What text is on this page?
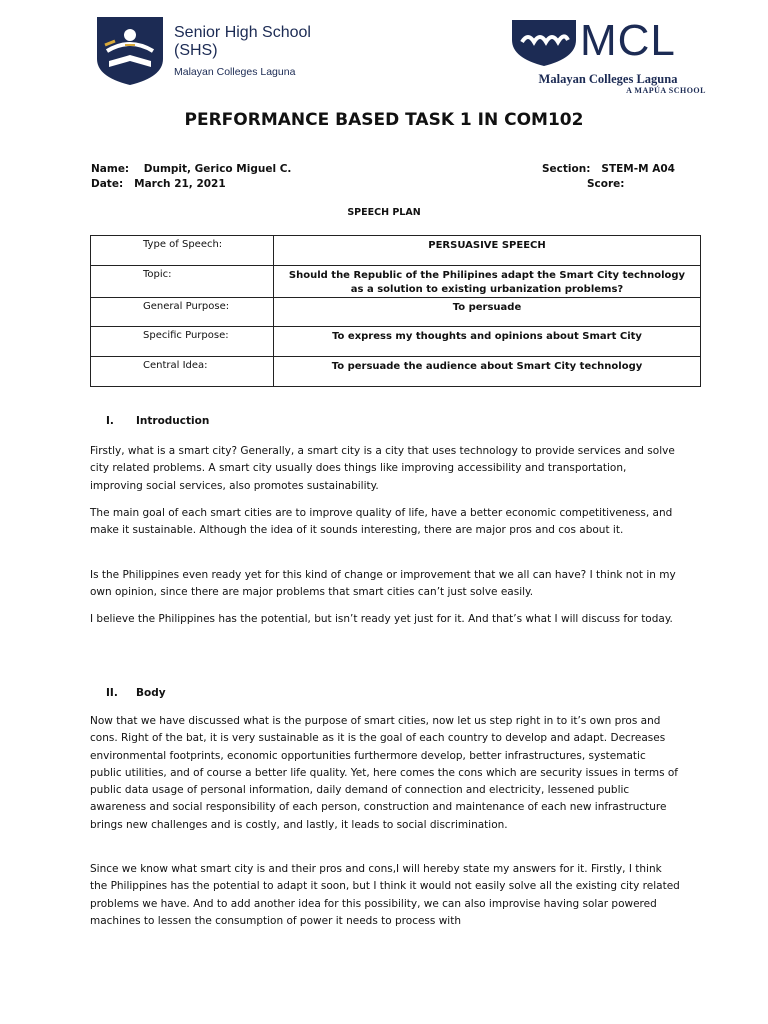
Senior High School
(SHS)
Malayan Colleges Laguna
MCL
Malayan Colleges Laguna
A MAPÚA SCHOOL
PERFORMANCE BASED TASK 1 IN COM102
Name: Dumpit, Gerico Miguel C.
Date: March 21, 2021
Section: STEM-M A04
Score:
SPEECH PLAN
Type of Speech:	PERSUASIVE SPEECH
Topic:	Should the Republic of the Philipines adapt the Smart City technology as a solution to existing urbanization problems?
General Purpose:	To persuade
Specific Purpose:	To express my thoughts and opinions about Smart City
Central Idea:	To persuade the audience about Smart City technology
I. Introduction
Firstly, what is a smart city? Generally, a smart city is a city that uses technology to provide services and solve city related problems. A smart city usually does things like improving accessibility and transportation, improving social services, also promotes sustainability.
The main goal of each smart cities are to improve quality of life, have a better economic competitiveness, and make it sustainable. Although the idea of it sounds interesting, there are major pros and cos about it.
Is the Philippines even ready yet for this kind of change or improvement that we all can have? I think not in my own opinion, since there are major problems that smart cities can’t just solve easily.
I believe the Philippines has the potential, but isn’t ready yet just for it. And that’s what I will discuss for today.
II. Body
Now that we have discussed what is the purpose of smart cities, now let us step right in to it’s own pros and cons. Right of the bat, it is very sustainable as it is the goal of each country to develop and adapt. Decreases environmental footprints, economic opportunities furthermore develop, better infrastructures, systematic public utilities, and of course a better life quality. Yet, here comes the cons which are security issues in terms of public data usage of personal information, daily demand of connection and electricity, lessened public awareness and social responsibility of each person, construction and maintenance of each new infrastructure brings new challenges and is costly, and lastly, it leads to social discrimination.
Since we know what smart city is and their pros and cons,I will hereby state my answers for it. Firstly, I think the Philippines has the potential to adapt it soon, but I think it would not easily solve all the existing city related problems we have. And to add another idea for this possibility, we can also improvise having solar powered machines to lessen the consumption of power it needs to process with
